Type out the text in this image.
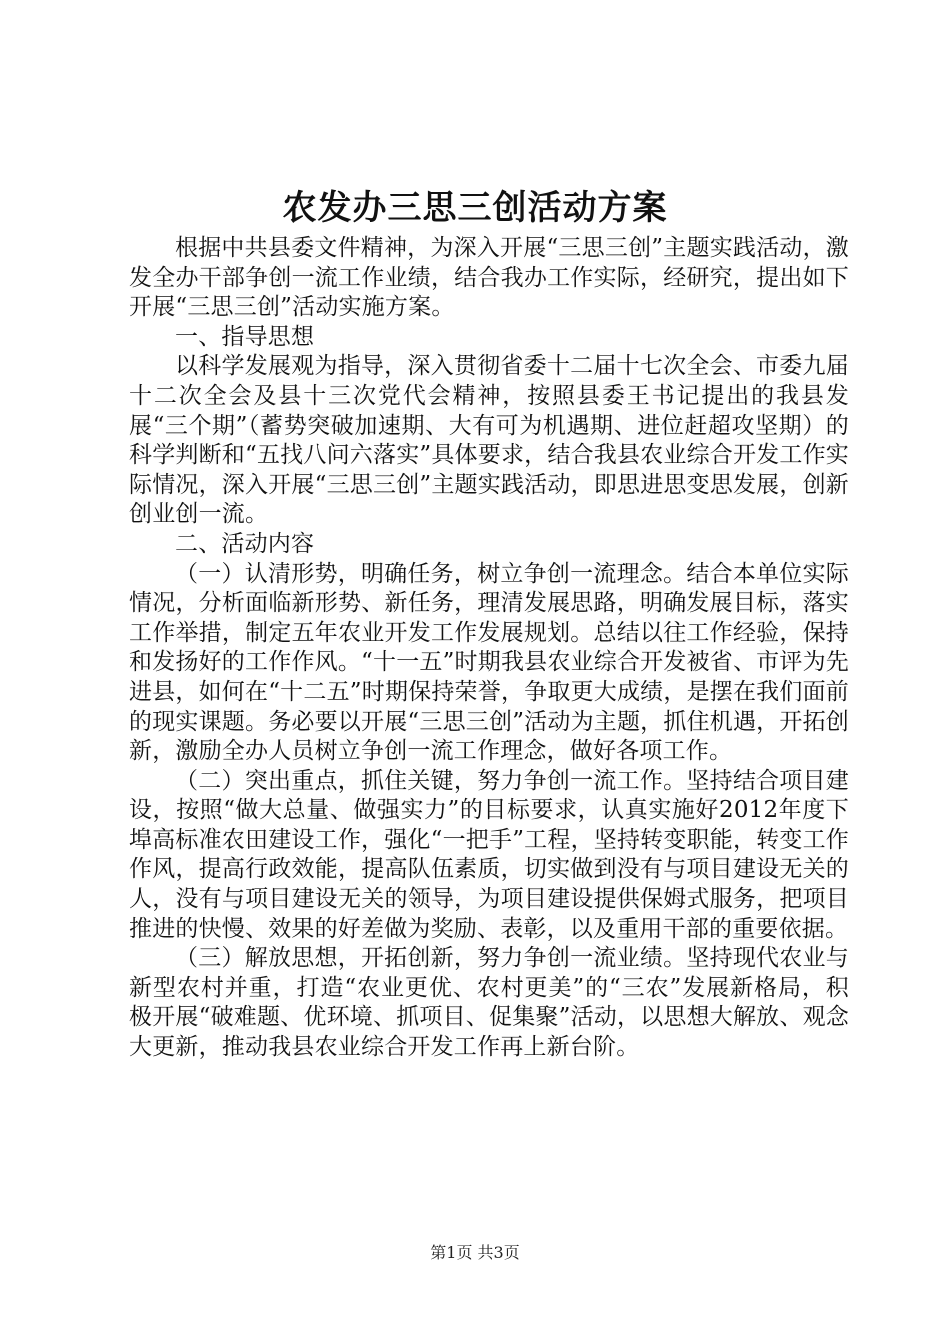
农发办三思三创活动方案

根据中共县委文件精神，为深入开展“三思三创”主题实践活动，激发全办干部争创一流工作业绩，结合我办工作实际，经研究，提出如下开展“三思三创”活动实施方案。

一、指导思想

以科学发展观为指导，深入贯彻省委十二届十七次全会、市委九届十二次全会及县十三次党代会精神，按照县委王书记提出的我县发展“三个期”（蓄势突破加速期、大有可为机遇期、进位赶超攻坚期）的科学判断和“五找八问六落实”具体要求，结合我县农业综合开发工作实际情况，深入开展“三思三创”主题实践活动，即思进思变思发展，创新创业创一流。

二、活动内容

（一）认清形势，明确任务，树立争创一流理念。结合本单位实际情况，分析面临新形势、新任务，理清发展思路，明确发展目标，落实工作举措，制定五年农业开发工作发展规划。总结以往工作经验，保持和发扬好的工作作风。“十一五”时期我县农业综合开发被省、市评为先进县，如何在“十二五”时期保持荣誉，争取更大成绩，是摆在我们面前的现实课题。务必要以开展“三思三创”活动为主题，抓住机遇，开拓创新，激励全办人员树立争创一流工作理念，做好各项工作。

（二）突出重点，抓住关键，努力争创一流工作。坚持结合项目建设，按照“做大总量、做强实力”的目标要求，认真实施好2012年度下埠高标准农田建设工作，强化“一把手”工程，坚持转变职能，转变工作作风，提高行政效能，提高队伍素质，切实做到没有与项目建设无关的人，没有与项目建设无关的领导，为项目建设提供保姆式服务，把项目推进的快慢、效果的好差做为奖励、表彰，以及重用干部的重要依据。

（三）解放思想，开拓创新，努力争创一流业绩。坚持现代农业与新型农村并重，打造“农业更优、农村更美”的“三农”发展新格局，积极开展“破难题、优环境、抓项目、促集聚”活动，以思想大解放、观念大更新，推动我县农业综合开发工作再上新台阶。

第1页 共3页
